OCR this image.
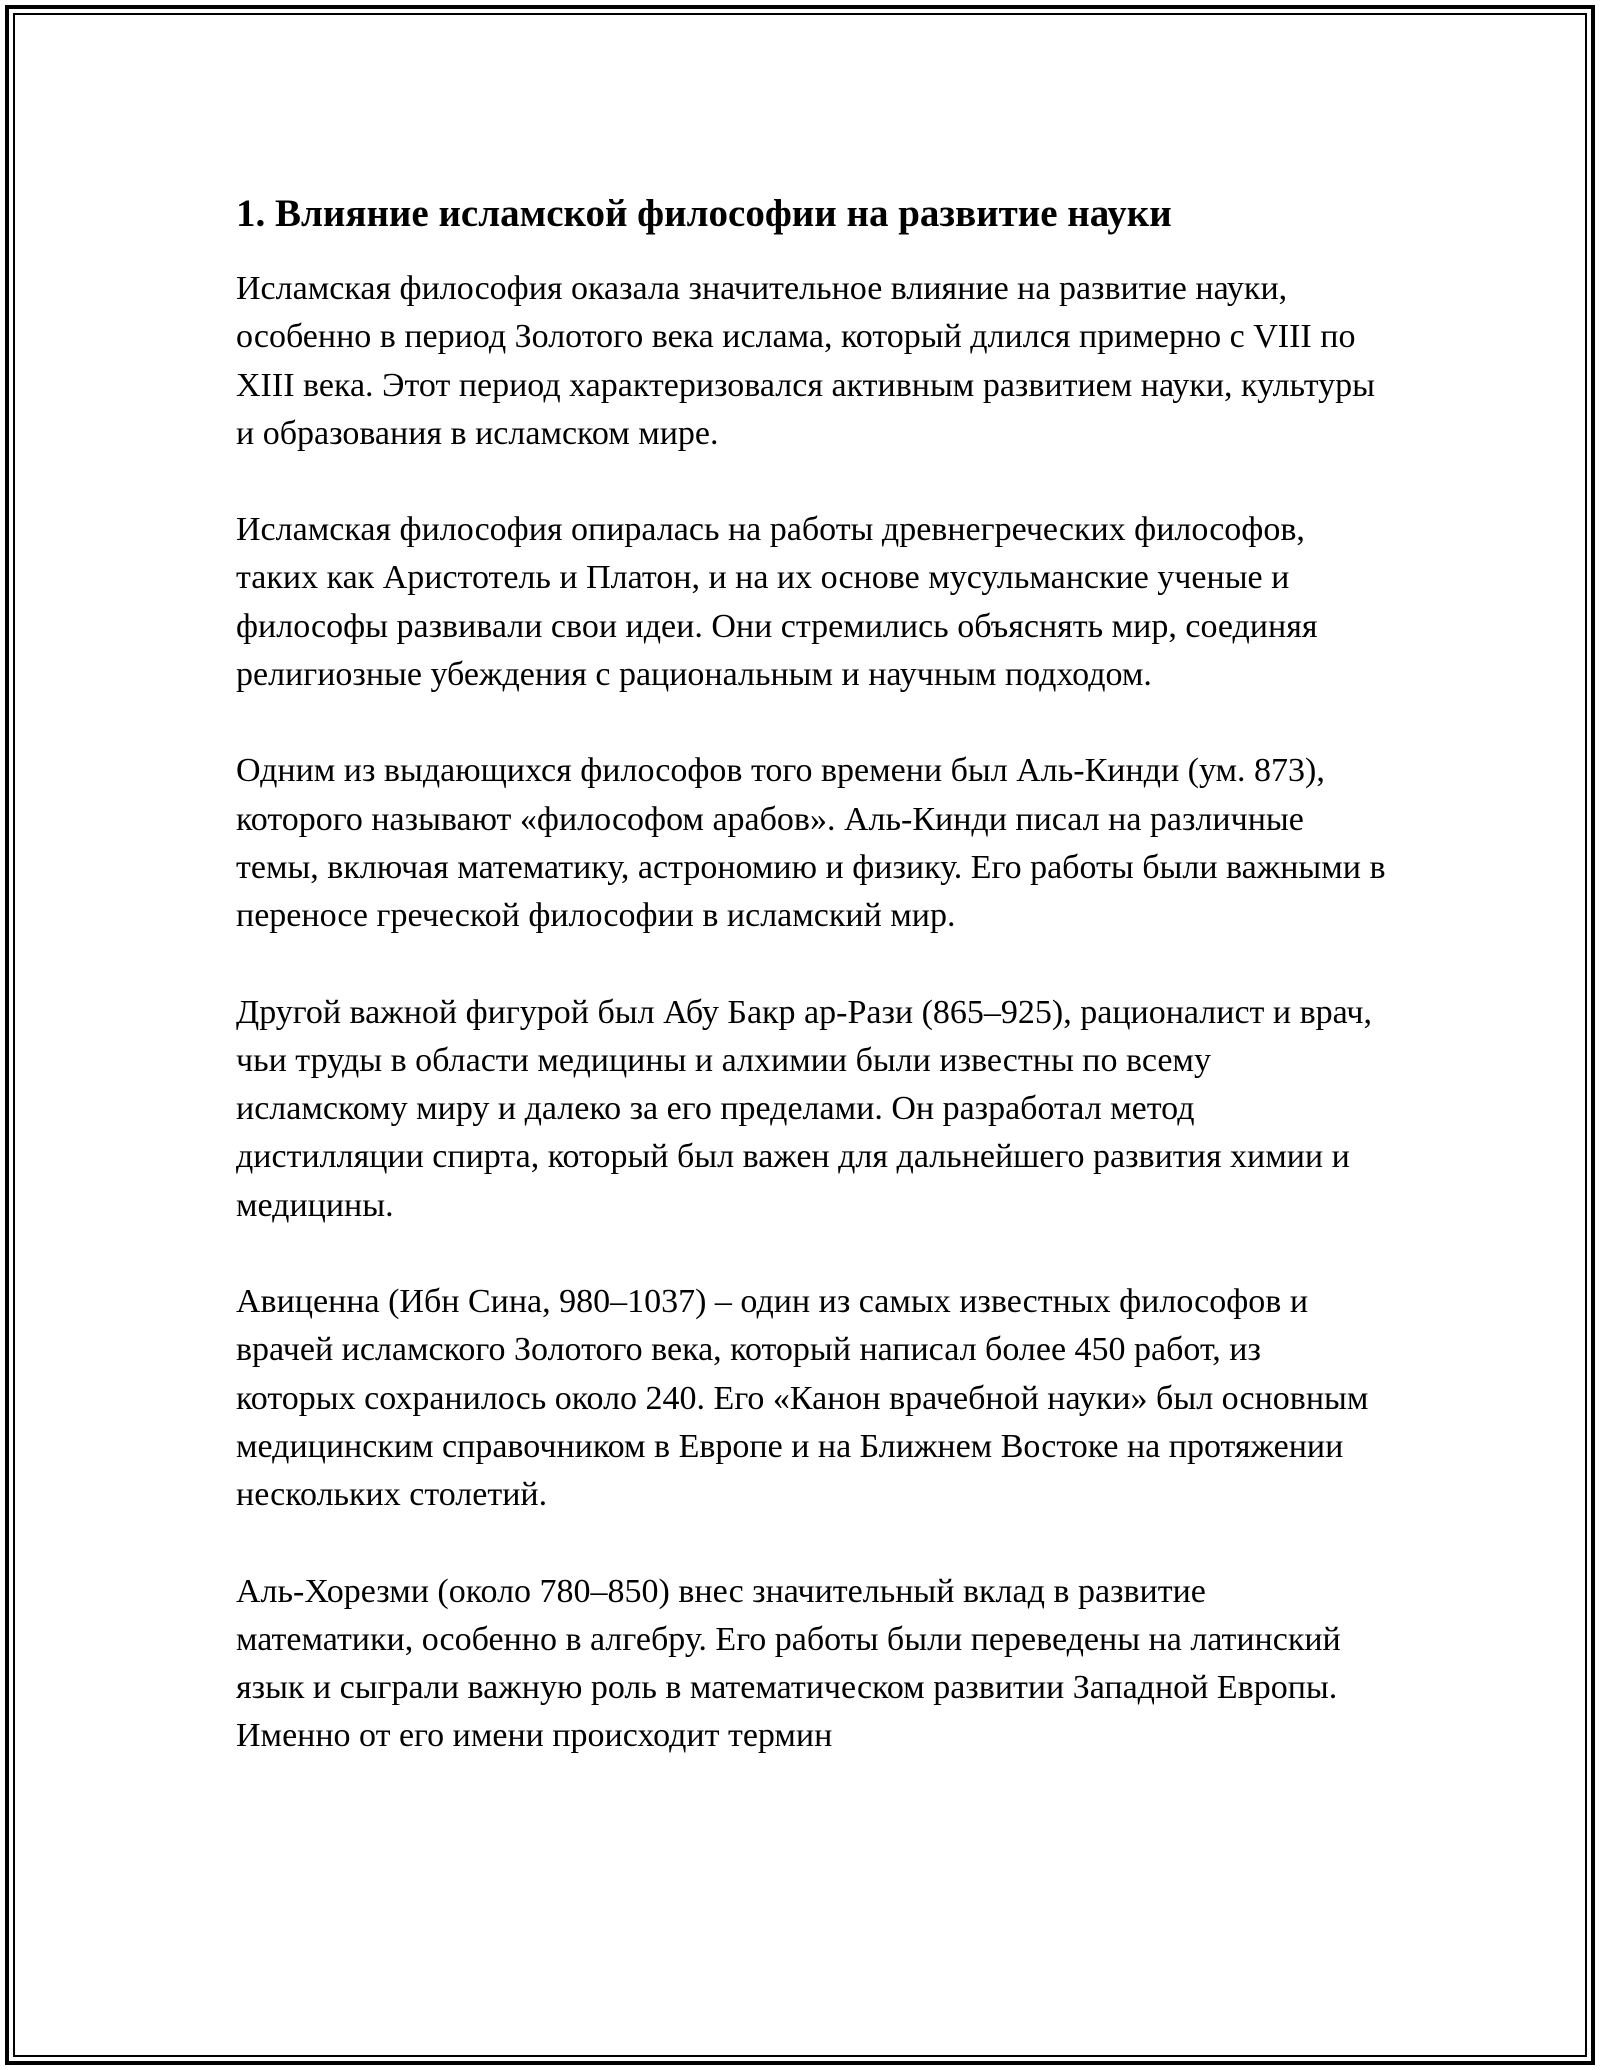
1. Влияние исламской философии на развитие науки

Исламская философия оказала значительное влияние на развитие науки, особенно в период Золотого века ислама, который длился примерно с VIII по XIII века. Этот период характеризовался активным развитием науки, культуры и образования в исламском мире.

Исламская философия опиралась на работы древнегреческих философов, таких как Аристотель и Платон, и на их основе мусульманские ученые и философы развивали свои идеи. Они стремились объяснять мир, соединяя религиозные убеждения с рациональным и научным подходом.

Одним из выдающихся философов того времени был Аль-Кинди (ум. 873), которого называют «философом арабов». Аль-Кинди писал на различные темы, включая математику, астрономию и физику. Его работы были важными в переносе греческой философии в исламский мир.

Другой важной фигурой был Абу Бакр ар-Рази (865–925), рационалист и врач, чьи труды в области медицины и алхимии были известны по всему исламскому миру и далеко за его пределами. Он разработал метод дистилляции спирта, который был важен для дальнейшего развития химии и медицины.

Авиценна (Ибн Сина, 980–1037) – один из самых известных философов и врачей исламского Золотого века, который написал более 450 работ, из которых сохранилось около 240. Его «Канон врачебной науки» был основным медицинским справочником в Европе и на Ближнем Востоке на протяжении нескольких столетий.

Аль-Хорезми (около 780–850) внес значительный вклад в развитие математики, особенно в алгебру. Его работы были переведены на латинский язык и сыграли важную роль в математическом развитии Западной Европы. Именно от его имени происходит термин
